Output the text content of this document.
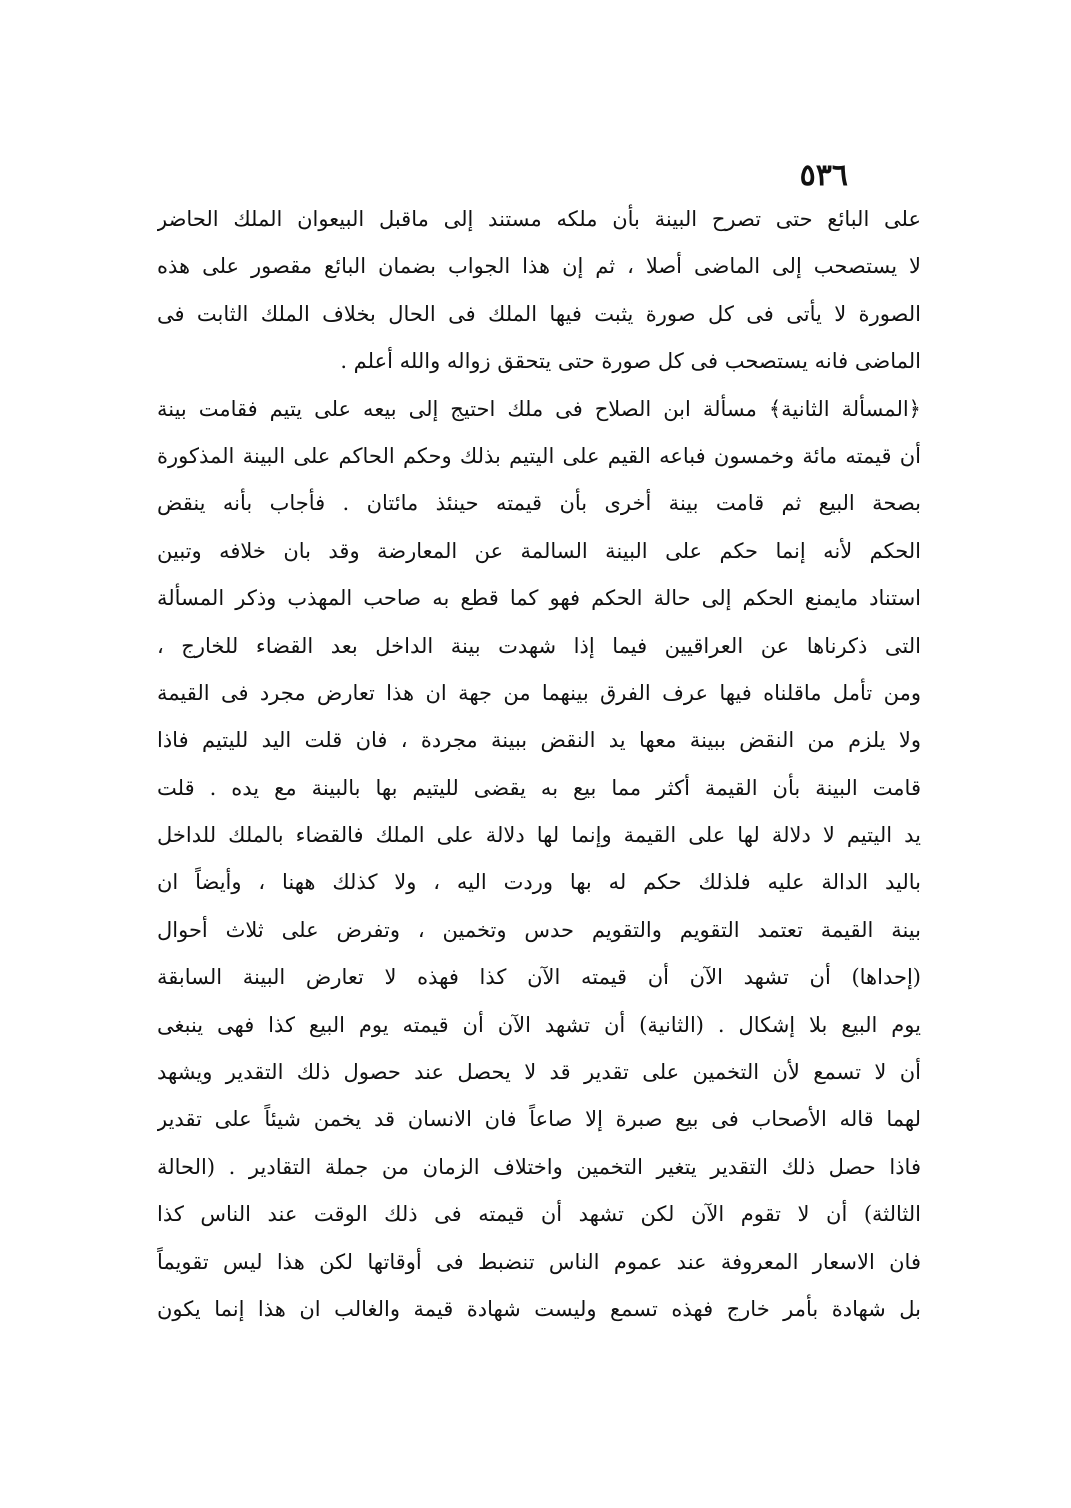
٥٣٦
على البائع حتى تصرح البينة بأن ملكه مستند إلى ماقبل البيعوان الملك الحاضر
لا يستصحب إلى الماضى أصلا ، ثم إن هذا الجواب بضمان البائع مقصور على هذه
الصورة لا يأتى فى كل صورة يثبت فيها الملك فى الحال بخلاف الملك الثابت فى
الماضى فانه يستصحب فى كل صورة حتى يتحقق زواله والله أعلم .
﴿المسألة الثانية﴾ مسألة ابن الصلاح فى ملك احتيج إلى بيعه على يتيم فقامت بينة
أن قيمته مائة وخمسون فباعه القيم على اليتيم بذلك وحكم الحاكم على البينة المذكورة
بصحة البيع ثم قامت بينة أخرى بأن قيمته حينئذ مائتان . فأجاب بأنه ينقض
الحكم لأنه إنما حكم على البينة السالمة عن المعارضة وقد بان خلافه وتبين
استناد مايمنع الحكم إلى حالة الحكم فهو كما قطع به صاحب المهذب وذكر المسألة
التى ذكرناها عن العراقيين فيما إذا شهدت بينة الداخل بعد القضاء للخارج ،
ومن تأمل ماقلناه فيها عرف الفرق بينهما من جهة ان هذا تعارض مجرد فى القيمة
ولا يلزم من النقض ببينة معها يد النقض ببينة مجردة ، فان قلت اليد لليتيم فاذا
قامت البينة بأن القيمة أكثر مما بيع به يقضى لليتيم بها بالبينة مع يده . قلت
يد اليتيم لا دلالة لها على القيمة وإنما لها دلالة على الملك فالقضاء بالملك للداخل
باليد الدالة عليه فلذلك حكم له بها وردت اليه ، ولا كذلك ههنا ، وأيضاً ان
بينة القيمة تعتمد التقويم والتقويم حدس وتخمين ، وتفرض على ثلاث أحوال
(إحداها) أن تشهد الآن أن قيمته الآن كذا فهذه لا تعارض البينة السابقة
يوم البيع بلا إشكال . (الثانية) أن تشهد الآن أن قيمته يوم البيع كذا فهى ينبغى
أن لا تسمع لأن التخمين على تقدير قد لا يحصل عند حصول ذلك التقدير ويشهد
لهما قاله الأصحاب فى بيع صبرة إلا صاعاً فان الانسان قد يخمن شيئاً على تقدير
فاذا حصل ذلك التقدير يتغير التخمين واختلاف الزمان من جملة التقادير . (الحالة
الثالثة) أن لا تقوم الآن لكن تشهد أن قيمته فى ذلك الوقت عند الناس كذا
فان الاسعار المعروفة عند عموم الناس تنضبط فى أوقاتها لكن هذا ليس تقويماً
بل شهادة بأمر خارج فهذه تسمع وليست شهادة قيمة والغالب ان هذا إنما يكون
